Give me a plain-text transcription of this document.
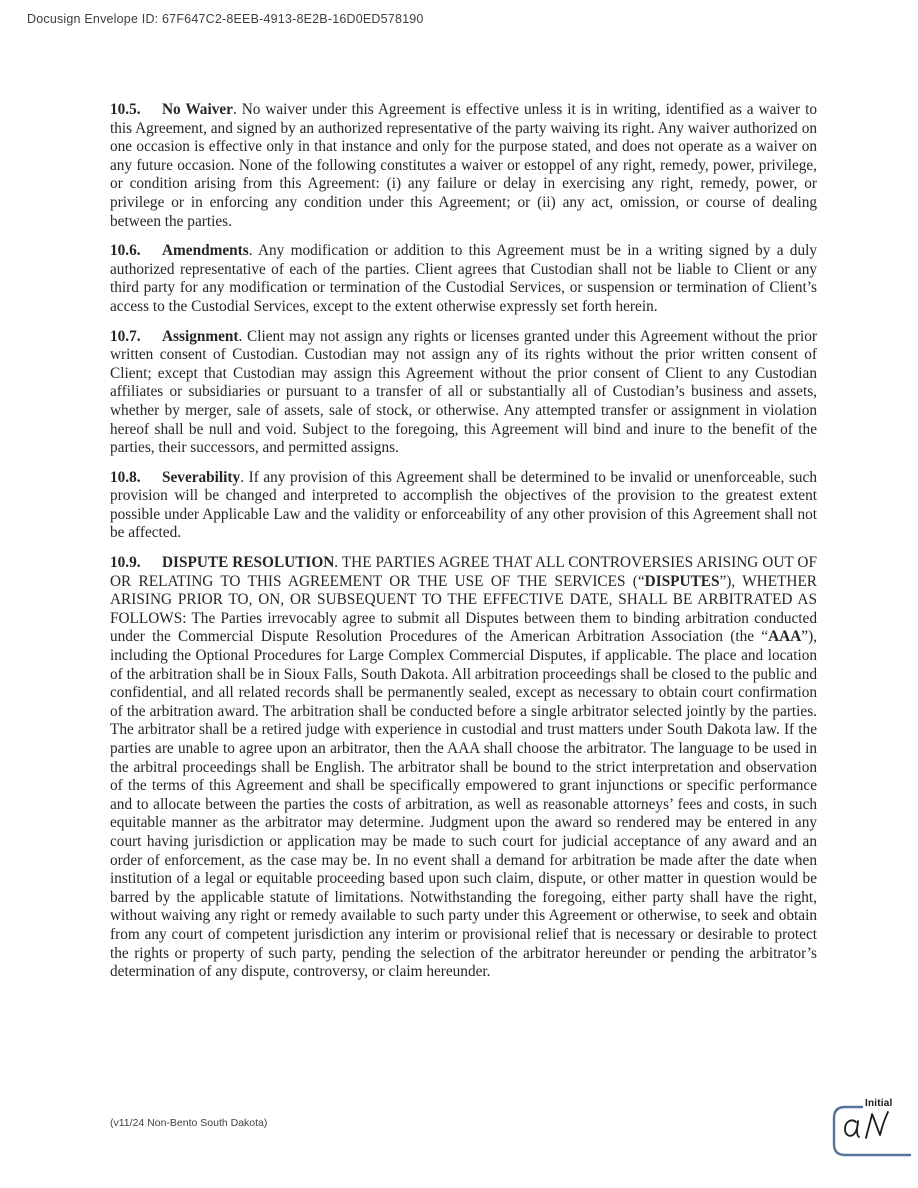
Docusign Envelope ID: 67F647C2-8EEB-4913-8E2B-16D0ED578190

10.5. No Waiver. No waiver under this Agreement is effective unless it is in writing, identified as a waiver to this Agreement, and signed by an authorized representative of the party waiving its right. Any waiver authorized on one occasion is effective only in that instance and only for the purpose stated, and does not operate as a waiver on any future occasion. None of the following constitutes a waiver or estoppel of any right, remedy, power, privilege, or condition arising from this Agreement: (i) any failure or delay in exercising any right, remedy, power, or privilege or in enforcing any condition under this Agreement; or (ii) any act, omission, or course of dealing between the parties.

10.6. Amendments. Any modification or addition to this Agreement must be in a writing signed by a duly authorized representative of each of the parties. Client agrees that Custodian shall not be liable to Client or any third party for any modification or termination of the Custodial Services, or suspension or termination of Client’s access to the Custodial Services, except to the extent otherwise expressly set forth herein.

10.7. Assignment. Client may not assign any rights or licenses granted under this Agreement without the prior written consent of Custodian. Custodian may not assign any of its rights without the prior written consent of Client; except that Custodian may assign this Agreement without the prior consent of Client to any Custodian affiliates or subsidiaries or pursuant to a transfer of all or substantially all of Custodian’s business and assets, whether by merger, sale of assets, sale of stock, or otherwise. Any attempted transfer or assignment in violation hereof shall be null and void. Subject to the foregoing, this Agreement will bind and inure to the benefit of the parties, their successors, and permitted assigns.

10.8. Severability. If any provision of this Agreement shall be determined to be invalid or unenforceable, such provision will be changed and interpreted to accomplish the objectives of the provision to the greatest extent possible under Applicable Law and the validity or enforceability of any other provision of this Agreement shall not be affected.

10.9. DISPUTE RESOLUTION. THE PARTIES AGREE THAT ALL CONTROVERSIES ARISING OUT OF OR RELATING TO THIS AGREEMENT OR THE USE OF THE SERVICES (“DISPUTES”), WHETHER ARISING PRIOR TO, ON, OR SUBSEQUENT TO THE EFFECTIVE DATE, SHALL BE ARBITRATED AS FOLLOWS: The Parties irrevocably agree to submit all Disputes between them to binding arbitration conducted under the Commercial Dispute Resolution Procedures of the American Arbitration Association (the “AAA”), including the Optional Procedures for Large Complex Commercial Disputes, if applicable. The place and location of the arbitration shall be in Sioux Falls, South Dakota. All arbitration proceedings shall be closed to the public and confidential, and all related records shall be permanently sealed, except as necessary to obtain court confirmation of the arbitration award. The arbitration shall be conducted before a single arbitrator selected jointly by the parties. The arbitrator shall be a retired judge with experience in custodial and trust matters under South Dakota law. If the parties are unable to agree upon an arbitrator, then the AAA shall choose the arbitrator. The language to be used in the arbitral proceedings shall be English. The arbitrator shall be bound to the strict interpretation and observation of the terms of this Agreement and shall be specifically empowered to grant injunctions or specific performance and to allocate between the parties the costs of arbitration, as well as reasonable attorneys’ fees and costs, in such equitable manner as the arbitrator may determine. Judgment upon the award so rendered may be entered in any court having jurisdiction or application may be made to such court for judicial acceptance of any award and an order of enforcement, as the case may be. In no event shall a demand for arbitration be made after the date when institution of a legal or equitable proceeding based upon such claim, dispute, or other matter in question would be barred by the applicable statute of limitations. Notwithstanding the foregoing, either party shall have the right, without waiving any right or remedy available to such party under this Agreement or otherwise, to seek and obtain from any court of competent jurisdiction any interim or provisional relief that is necessary or desirable to protect the rights or property of such party, pending the selection of the arbitrator hereunder or pending the arbitrator’s determination of any dispute, controversy, or claim hereunder.

(v11/24 Non-Bento South Dakota)
Initial
